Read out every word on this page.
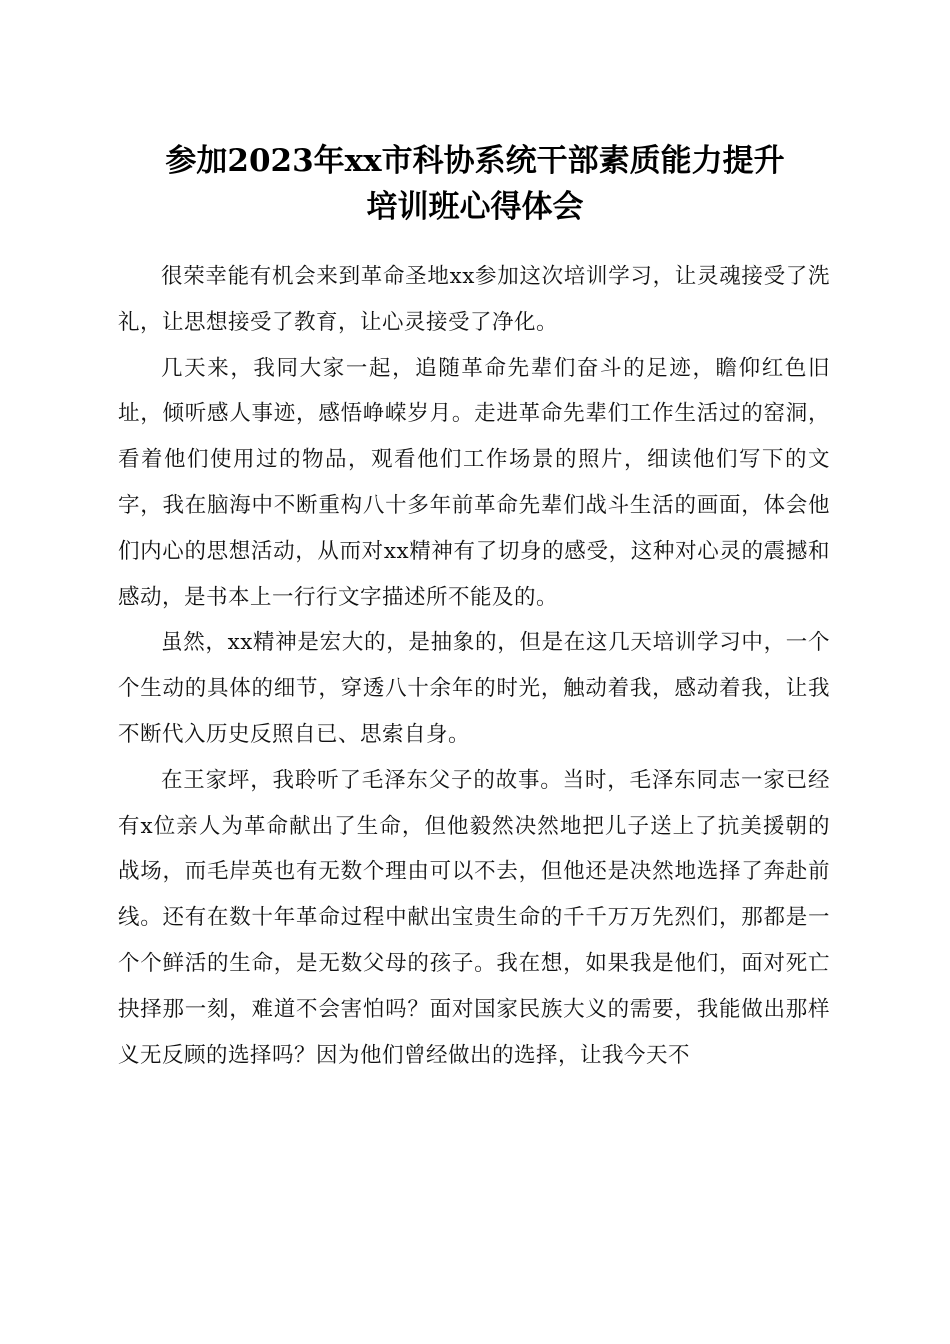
参加2023年xx市科协系统干部素质能力提升
培训班心得体会

很荣幸能有机会来到革命圣地xx参加这次培训学习，让灵魂接受了洗礼，让思想接受了教育，让心灵接受了净化。

几天来，我同大家一起，追随革命先辈们奋斗的足迹，瞻仰红色旧址，倾听感人事迹，感悟峥嵘岁月。走进革命先辈们工作生活过的窑洞，看着他们使用过的物品，观看他们工作场景的照片，细读他们写下的文字，我在脑海中不断重构八十多年前革命先辈们战斗生活的画面，体会他们内心的思想活动，从而对xx精神有了切身的感受，这种对心灵的震撼和感动，是书本上一行行文字描述所不能及的。

虽然，xx精神是宏大的，是抽象的，但是在这几天培训学习中，一个个生动的具体的细节，穿透八十余年的时光，触动着我，感动着我，让我不断代入历史反照自已、思索自身。

在王家坪，我聆听了毛泽东父子的故事。当时，毛泽东同志一家已经有x位亲人为革命献出了生命，但他毅然决然地把儿子送上了抗美援朝的战场，而毛岸英也有无数个理由可以不去，但他还是决然地选择了奔赴前线。还有在数十年革命过程中献出宝贵生命的千千万万先烈们，那都是一个个鲜活的生命，是无数父母的孩子。我在想，如果我是他们，面对死亡抉择那一刻，难道不会害怕吗？面对国家民族大义的需要，我能做出那样义无反顾的选择吗？因为他们曾经做出的选择，让我今天不
